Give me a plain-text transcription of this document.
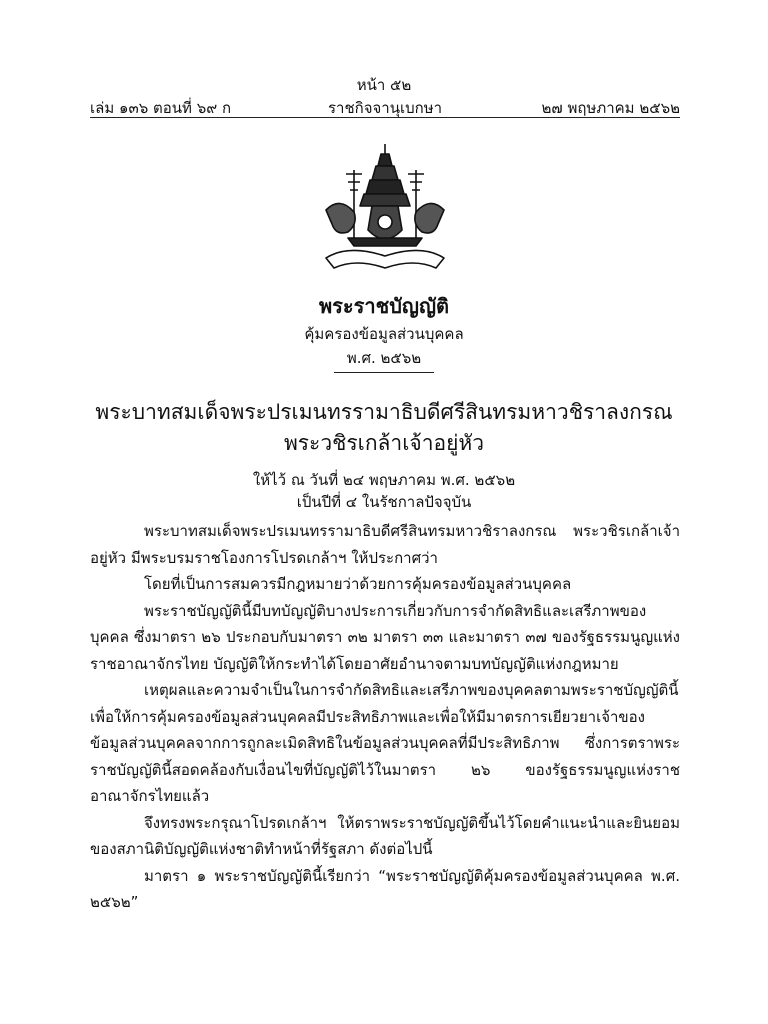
หน้า ๕๒
ราชกิจจานุเบกษา
เล่ม ๑๓๖ ตอนที่ ๖๙ ก	๒๗ พฤษภาคม ๒๕๖๒
พระราชบัญญัติ
คุ้มครองข้อมูลส่วนบุคคล
พ.ศ. ๒๕๖๒
พระบาทสมเด็จพระปรเมนทรรามาธิบดีศรีสินทรมหาวชิราลงกรณ
พระวชิรเกล้าเจ้าอยู่หัว
ให้ไว้ ณ วันที่ ๒๔ พฤษภาคม พ.ศ. ๒๕๖๒
เป็นปีที่ ๔ ในรัชกาลปัจจุบัน

พระบาทสมเด็จพระปรเมนทรรามาธิบดีศรีสินทรมหาวชิราลงกรณ พระวชิรเกล้าเจ้าอยู่หัว มีพระบรมราชโองการโปรดเกล้าฯ ให้ประกาศว่า

โดยที่เป็นการสมควรมีกฎหมายว่าด้วยการคุ้มครองข้อมูลส่วนบุคคล

พระราชบัญญัตินี้มีบทบัญญัติบางประการเกี่ยวกับการจำกัดสิทธิและเสรีภาพของบุคคล ซึ่งมาตรา ๒๖ ประกอบกับมาตรา ๓๒ มาตรา ๓๓ และมาตรา ๓๗ ของรัฐธรรมนูญแห่งราชอาณาจักรไทย บัญญัติให้กระทำได้โดยอาศัยอำนาจตามบทบัญญัติแห่งกฎหมาย

เหตุผลและความจำเป็นในการจำกัดสิทธิและเสรีภาพของบุคคลตามพระราชบัญญัตินี้ เพื่อให้การคุ้มครองข้อมูลส่วนบุคคลมีประสิทธิภาพและเพื่อให้มีมาตรการเยียวยาเจ้าของข้อมูลส่วนบุคคลจากการถูกละเมิดสิทธิในข้อมูลส่วนบุคคลที่มีประสิทธิภาพ ซึ่งการตราพระราชบัญญัตินี้สอดคล้องกับเงื่อนไขที่บัญญัติไว้ในมาตรา ๒๖ ของรัฐธรรมนูญแห่งราชอาณาจักรไทยแล้ว

จึงทรงพระกรุณาโปรดเกล้าฯ ให้ตราพระราชบัญญัติขึ้นไว้โดยคำแนะนำและยินยอมของสภานิติบัญญัติแห่งชาติทำหน้าที่รัฐสภา ดังต่อไปนี้

มาตรา ๑ พระราชบัญญัตินี้เรียกว่า “พระราชบัญญัติคุ้มครองข้อมูลส่วนบุคคล พ.ศ. ๒๕๖๒”
